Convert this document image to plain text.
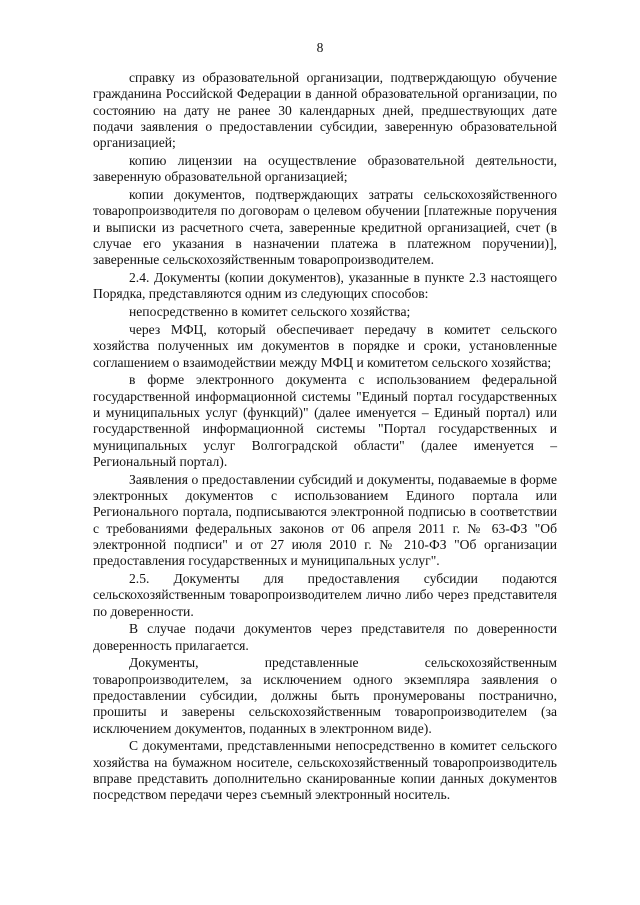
8

справку из образовательной организации, подтверждающую обучение гражданина Российской Федерации в данной образовательной организации, по состоянию на дату не ранее 30 календарных дней, предшествующих дате подачи заявления о предоставлении субсидии, заверенную образовательной организацией;

копию лицензии на осуществление образовательной деятельности, заверенную образовательной организацией;

копии документов, подтверждающих затраты сельскохозяйственного товаропроизводителя по договорам о целевом обучении [платежные поручения и выписки из расчетного счета, заверенные кредитной организацией, счет (в случае его указания в назначении платежа в платежном поручении)], заверенные сельскохозяйственным товаропроизводителем.

2.4. Документы (копии документов), указанные в пункте 2.3 настоящего Порядка, представляются одним из следующих способов:

непосредственно в комитет сельского хозяйства;

через МФЦ, который обеспечивает передачу в комитет сельского хозяйства полученных им документов в порядке и сроки, установленные соглашением о взаимодействии между МФЦ и комитетом сельского хозяйства;

в форме электронного документа с использованием федеральной государственной информационной системы "Единый портал государственных и муниципальных услуг (функций)" (далее именуется – Единый портал) или государственной информационной системы "Портал государственных и муниципальных услуг Волгоградской области" (далее именуется – Региональный портал).

Заявления о предоставлении субсидий и документы, подаваемые в форме электронных документов с использованием Единого портала или Регионального портала, подписываются электронной подписью в соответствии с требованиями федеральных законов от 06 апреля 2011 г. № 63-ФЗ "Об электронной подписи" и от 27 июля 2010 г. № 210-ФЗ "Об организации предоставления государственных и муниципальных услуг".

2.5. Документы для предоставления субсидии подаются сельскохозяйственным товаропроизводителем лично либо через представителя по доверенности.

В случае подачи документов через представителя по доверенности доверенность прилагается.

Документы, представленные сельскохозяйственным товаропроизводителем, за исключением одного экземпляра заявления о предоставлении субсидии, должны быть пронумерованы постранично, прошиты и заверены сельскохозяйственным товаропроизводителем (за исключением документов, поданных в электронном виде).

С документами, представленными непосредственно в комитет сельского хозяйства на бумажном носителе, сельскохозяйственный товаропроизводитель вправе представить дополнительно сканированные копии данных документов посредством передачи через съемный электронный носитель.
